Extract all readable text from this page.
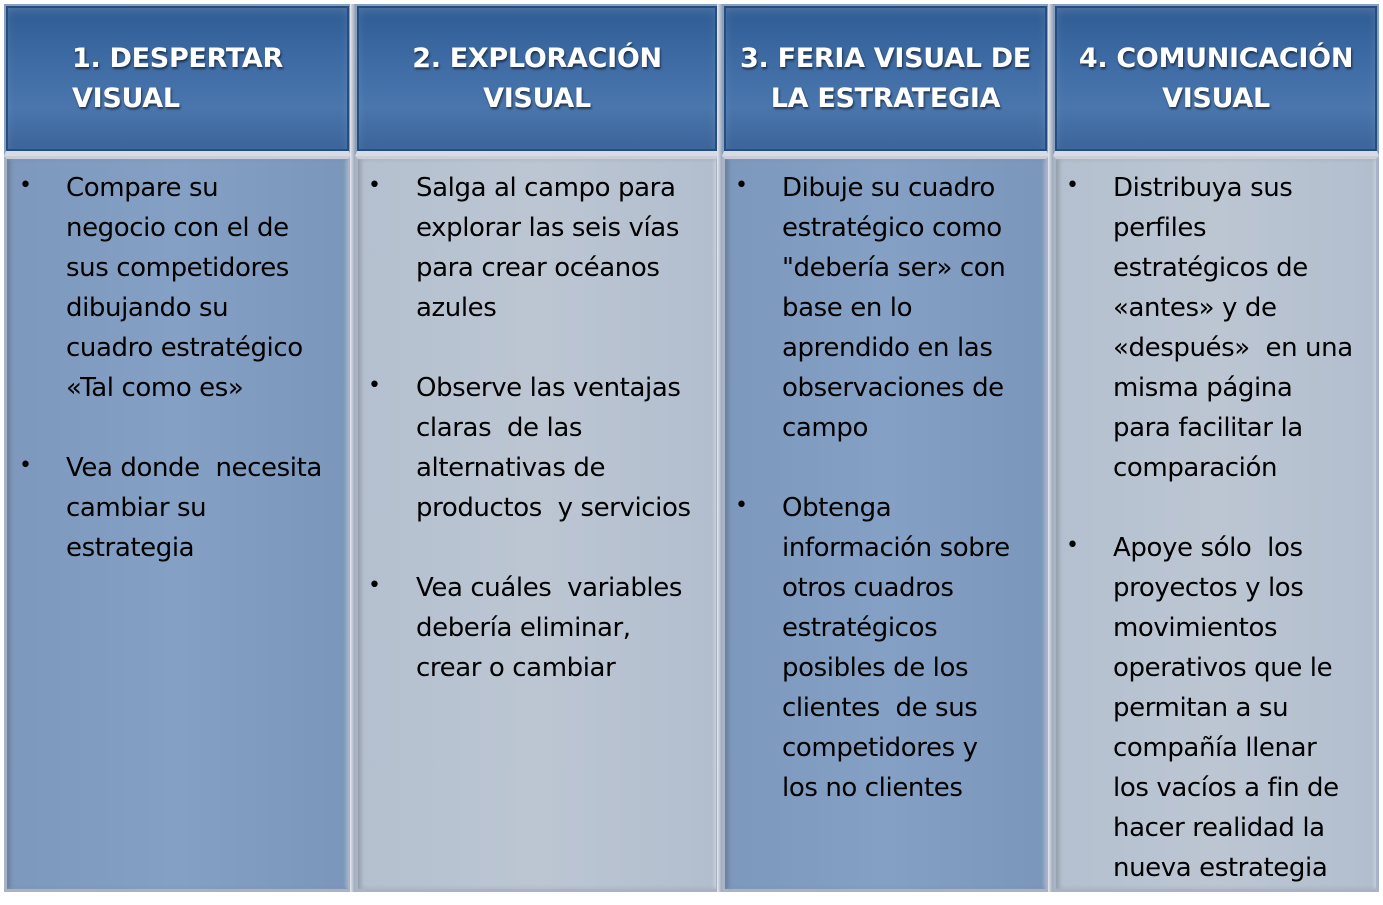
1. DESPERTAR
VISUAL
• Compare su
negocio con el de
sus competidores
dibujando su
cuadro estratégico
«Tal como es»
• Vea donde  necesita
cambiar su
estrategia
2. EXPLORACIÓN
VISUAL
• Salga al campo para
explorar las seis vías
para crear océanos
azules
• Observe las ventajas
claras  de las
alternativas de
productos  y servicios
• Vea cuáles  variables
debería eliminar,
crear o cambiar
3. FERIA VISUAL DE
LA ESTRATEGIA
• Dibuje su cuadro
estratégico como
"debería ser» con
base en lo
aprendido en las
observaciones de
campo
• Obtenga
información sobre
otros cuadros
estratégicos
posibles de los
clientes  de sus
competidores y
los no clientes
4. COMUNICACIÓN
VISUAL
• Distribuya sus
perfiles
estratégicos de
«antes» y de
«después»  en una
misma página
para facilitar la
comparación
• Apoye sólo  los
proyectos y los
movimientos
operativos que le
permitan a su
compañía llenar
los vacíos a fin de
hacer realidad la
nueva estrategia
